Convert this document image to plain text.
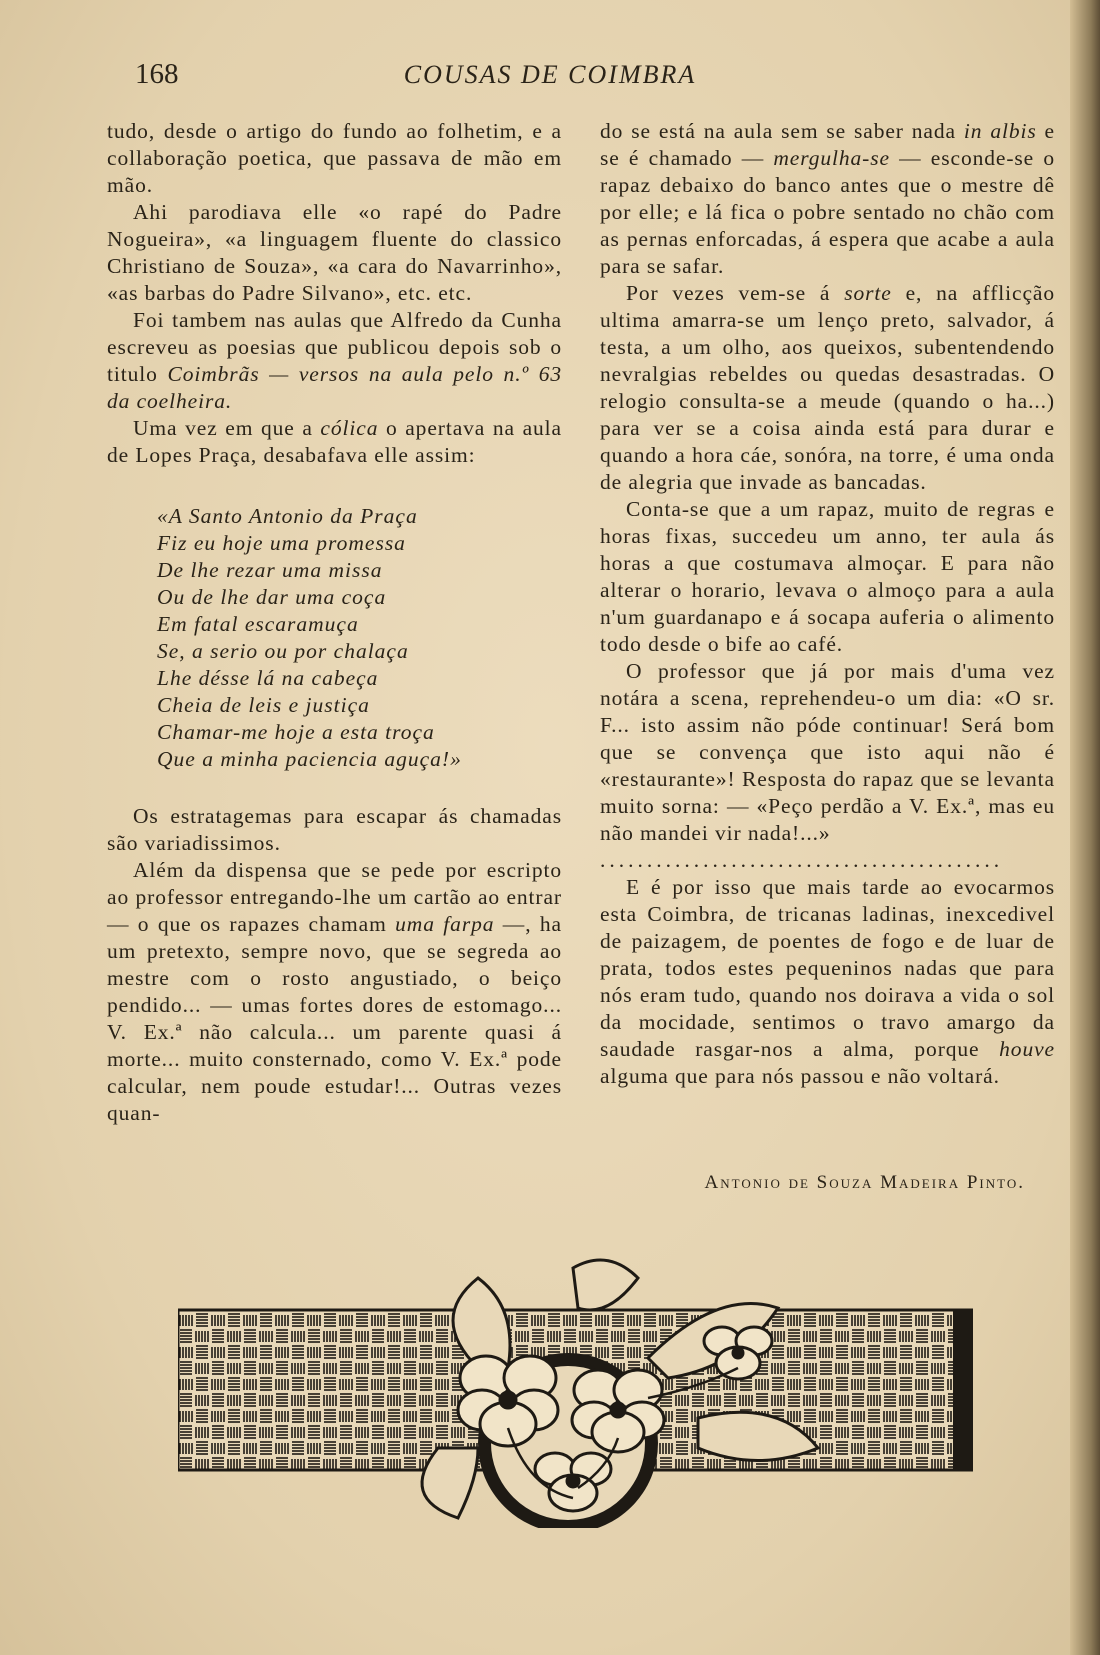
168	COUSAS DE COIMBRA

tudo, desde o artigo do fundo ao folhetim, e a collaboração poetica, que passava de mão em mão.

Ahi parodiava elle «o rapé do Padre Nogueira», «a linguagem fluente do classico Christiano de Souza», «a cara do Navarrinho», «as barbas do Padre Silvano», etc. etc.

Foi tambem nas aulas que Alfredo da Cunha escreveu as poesias que publicou depois sob o titulo Coimbrãs — versos na aula pelo n.º 63 da coelheira.

Uma vez em que a cólica o apertava na aula de Lopes Praça, desabafava elle assim:

«A Santo Antonio da Praça
Fiz eu hoje uma promessa
De lhe rezar uma missa
Ou de lhe dar uma coça
Em fatal escaramuça
Se, a serio ou por chalaça
Lhe désse lá na cabeça
Cheia de leis e justiça
Chamar-me hoje a esta troça
Que a minha paciencia aguça!»

Os estratagemas para escapar ás chamadas são variadissimos.

Além da dispensa que se pede por escripto ao professor entregando-lhe um cartão ao entrar — o que os rapazes chamam uma farpa —, ha um pretexto, sempre novo, que se segreda ao mestre com o rosto angustiado, o beiço pendido... — umas fortes dores de estomago... V. Ex.ª não calcula... um parente quasi á morte... muito consternado, como V. Ex.ª pode calcular, nem poude estudar!... Outras vezes quan-

do se está na aula sem se saber nada in albis e se é chamado — mergulha-se — esconde-se o rapaz debaixo do banco antes que o mestre dê por elle; e lá fica o pobre sentado no chão com as pernas enforcadas, á espera que acabe a aula para se safar.

Por vezes vem-se á sorte e, na afflicção ultima amarra-se um lenço preto, salvador, á testa, a um olho, aos queixos, subentendendo nevralgias rebeldes ou quedas desastradas. O relogio consulta-se a meude (quando o ha...) para ver se a coisa ainda está para durar e quando a hora cáe, sonóra, na torre, é uma onda de alegria que invade as bancadas.

Conta-se que a um rapaz, muito de regras e horas fixas, succedeu um anno, ter aula ás horas a que costumava almoçar. E para não alterar o horario, levava o almoço para a aula n'um guardanapo e á socapa auferia o alimento todo desde o bife ao café.

O professor que já por mais d'uma vez notára a scena, reprehendeu-o um dia: «O sr. F... isto assim não póde continuar! Será bom que se convença que isto aqui não é «restaurante»! Resposta do rapaz que se levanta muito sorna: — «Peço perdão a V. Ex.ª, mas eu não mandei vir nada!...»

...........................................

E é por isso que mais tarde ao evocarmos esta Coimbra, de tricanas ladinas, inexcedivel de paizagem, de poentes de fogo e de luar de prata, todos estes pequeninos nadas que para nós eram tudo, quando nos doirava a vida o sol da mocidade, sentimos o travo amargo da saudade rasgar-nos a alma, porque houve alguma que para nós passou e não voltará.

Antonio de Souza Madeira Pinto.
